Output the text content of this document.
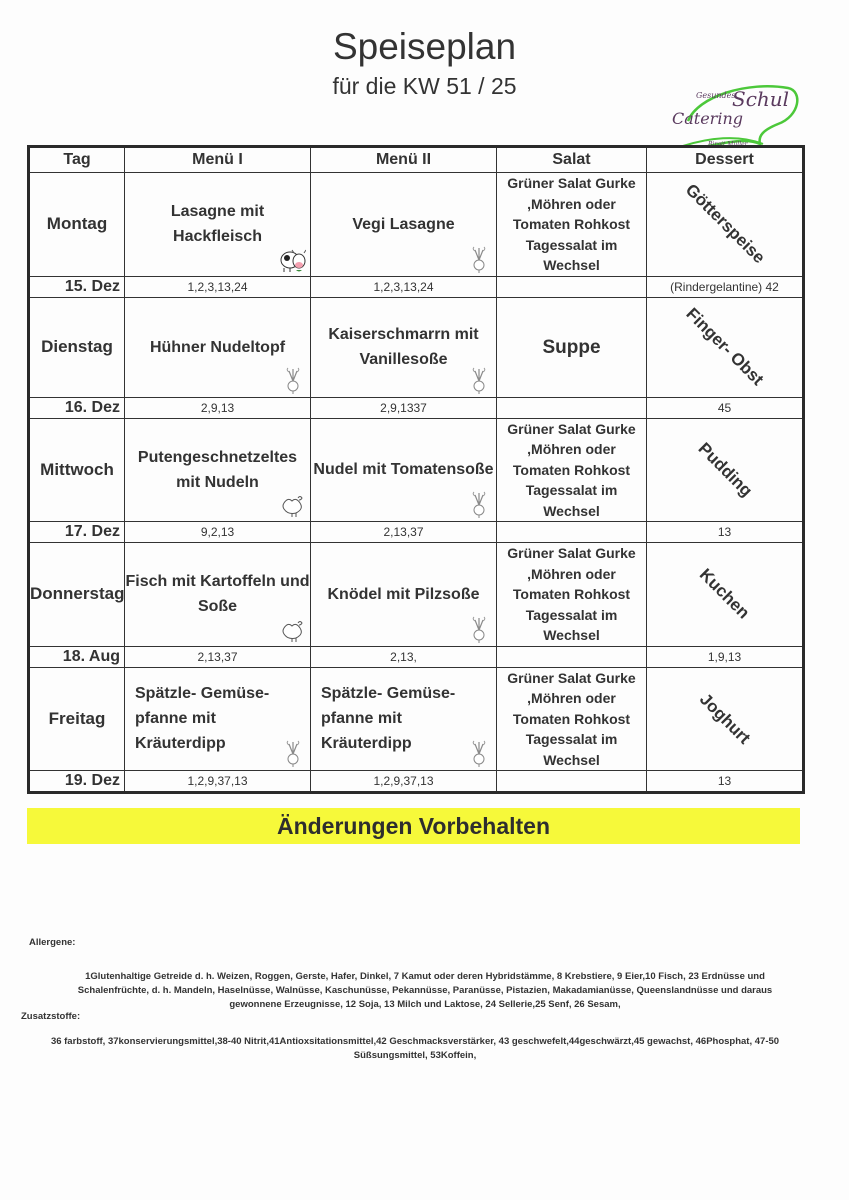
Speiseplan
für die KW 51 / 25	Gesundes
Schul
Catering
Birgit Müller
Tag	Menü I	Menü II	Salat	Dessert
Montag	Lasagne mit Hackfleisch	Vegi Lasagne	Grüner Salat Gurke ,Möhren oder Tomaten Rohkost Tagessalat im Wechsel	Götterspeise
15. Dez	1,2,3,13,24	1,2,3,13,24		(Rindergelantine) 42
Dienstag	Hühner Nudeltopf	Kaiserschmarrn mit Vanillesoße	Suppe	Finger- Obst
16. Dez	2,9,13	2,9,1337		45
Mittwoch	Putengeschnetzeltes mit Nudeln	Nudel mit Tomatensoße	Grüner Salat Gurke ,Möhren oder Tomaten Rohkost Tagessalat im Wechsel	Pudding
17. Dez	9,2,13	2,13,37		13
Donnerstag	Fisch mit Kartoffeln und Soße	Knödel mit Pilzsoße	Grüner Salat Gurke ,Möhren oder Tomaten Rohkost Tagessalat im Wechsel	Kuchen
18. Aug	2,13,37	2,13,		1,9,13
Freitag	Spätzle- Gemüse- pfanne mit Kräuterdipp	Spätzle- Gemüse- pfanne mit Kräuterdipp	Grüner Salat Gurke ,Möhren oder Tomaten Rohkost Tagessalat im Wechsel	Joghurt
19. Dez	1,2,9,37,13	1,2,9,37,13		13
Änderungen Vorbehalten
Allergene:
1Glutenhaltige Getreide d. h. Weizen, Roggen, Gerste, Hafer, Dinkel, 7 Kamut oder deren Hybridstämme, 8 Krebstiere, 9 Eier,10 Fisch, 23 Erdnüsse und Schalenfrüchte, d. h. Mandeln, Haselnüsse, Walnüsse, Kaschunüsse, Pekannüsse, Paranüsse, Pistazien, Makadamianüsse, Queenslandnüsse und daraus gewonnene Erzeugnisse, 12 Soja, 13 Milch und Laktose, 24 Sellerie,25 Senf, 26 Sesam,
Zusatzstoffe:
36 farbstoff, 37konservierungsmittel,38-40 Nitrit,41Antioxsitationsmittel,42 Geschmacksverstärker, 43 geschwefelt,44geschwärzt,45 gewachst, 46Phosphat, 47-50 Süßsungsmittel, 53Koffein,
